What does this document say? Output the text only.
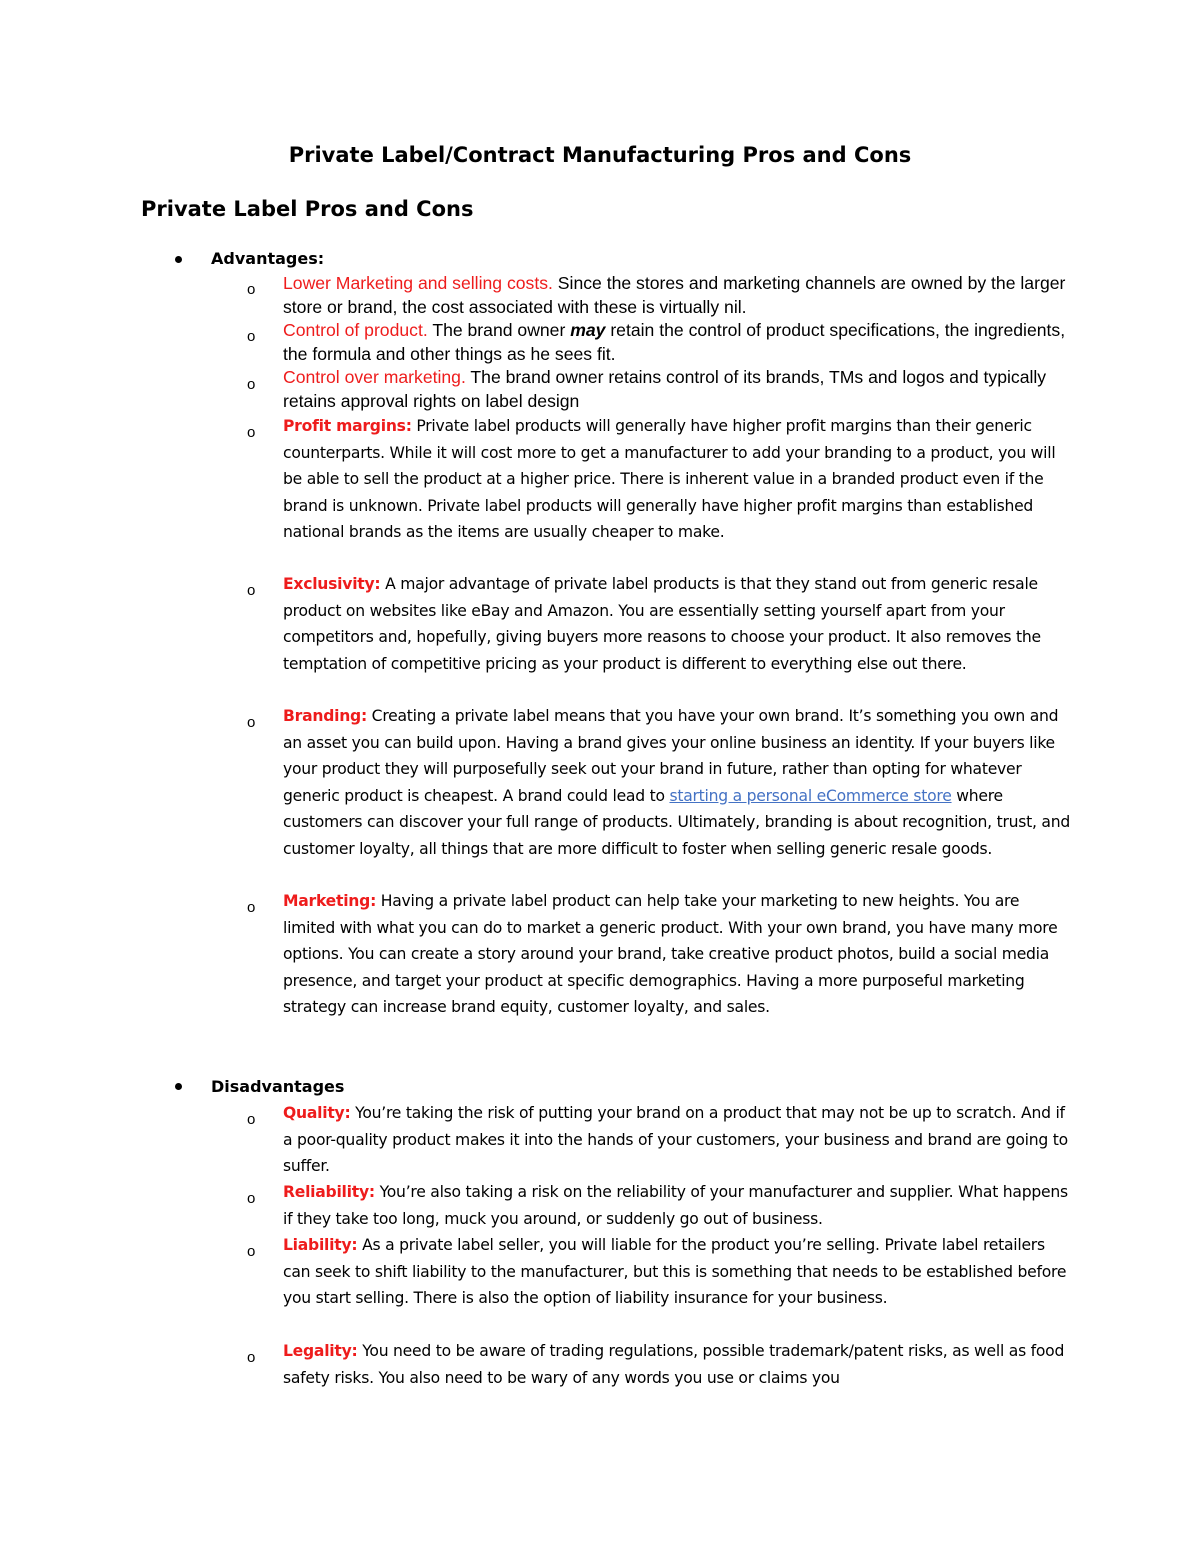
Private Label/Contract Manufacturing Pros and Cons
Private Label Pros and Cons
Advantages:
o Lower Marketing and selling costs. Since the stores and marketing channels are owned by the larger store or brand, the cost associated with these is virtually nil.
o Control of product. The brand owner may retain the control of product specifications, the ingredients, the formula and other things as he sees fit.
o Control over marketing. The brand owner retains control of its brands, TMs and logos and typically retains approval rights on label design
o Profit margins: Private label products will generally have higher profit margins than their generic counterparts. While it will cost more to get a manufacturer to add your branding to a product, you will be able to sell the product at a higher price. There is inherent value in a branded product even if the brand is unknown. Private label products will generally have higher profit margins than established national brands as the items are usually cheaper to make.
o Exclusivity: A major advantage of private label products is that they stand out from generic resale product on websites like eBay and Amazon. You are essentially setting yourself apart from your competitors and, hopefully, giving buyers more reasons to choose your product. It also removes the temptation of competitive pricing as your product is different to everything else out there.
o Branding: Creating a private label means that you have your own brand. It’s something you own and an asset you can build upon. Having a brand gives your online business an identity. If your buyers like your product they will purposefully seek out your brand in future, rather than opting for whatever generic product is cheapest. A brand could lead to starting a personal eCommerce store where customers can discover your full range of products. Ultimately, branding is about recognition, trust, and customer loyalty, all things that are more difficult to foster when selling generic resale goods.
o Marketing: Having a private label product can help take your marketing to new heights. You are limited with what you can do to market a generic product. With your own brand, you have many more options. You can create a story around your brand, take creative product photos, build a social media presence, and target your product at specific demographics. Having a more purposeful marketing strategy can increase brand equity, customer loyalty, and sales.
Disadvantages
o Quality: You’re taking the risk of putting your brand on a product that may not be up to scratch. And if a poor-quality product makes it into the hands of your customers, your business and brand are going to suffer.
o Reliability: You’re also taking a risk on the reliability of your manufacturer and supplier. What happens if they take too long, muck you around, or suddenly go out of business.
o Liability: As a private label seller, you will liable for the product you’re selling. Private label retailers can seek to shift liability to the manufacturer, but this is something that needs to be established before you start selling. There is also the option of liability insurance for your business.
o Legality: You need to be aware of trading regulations, possible trademark/patent risks, as well as food safety risks. You also need to be wary of any words you use or claims you
